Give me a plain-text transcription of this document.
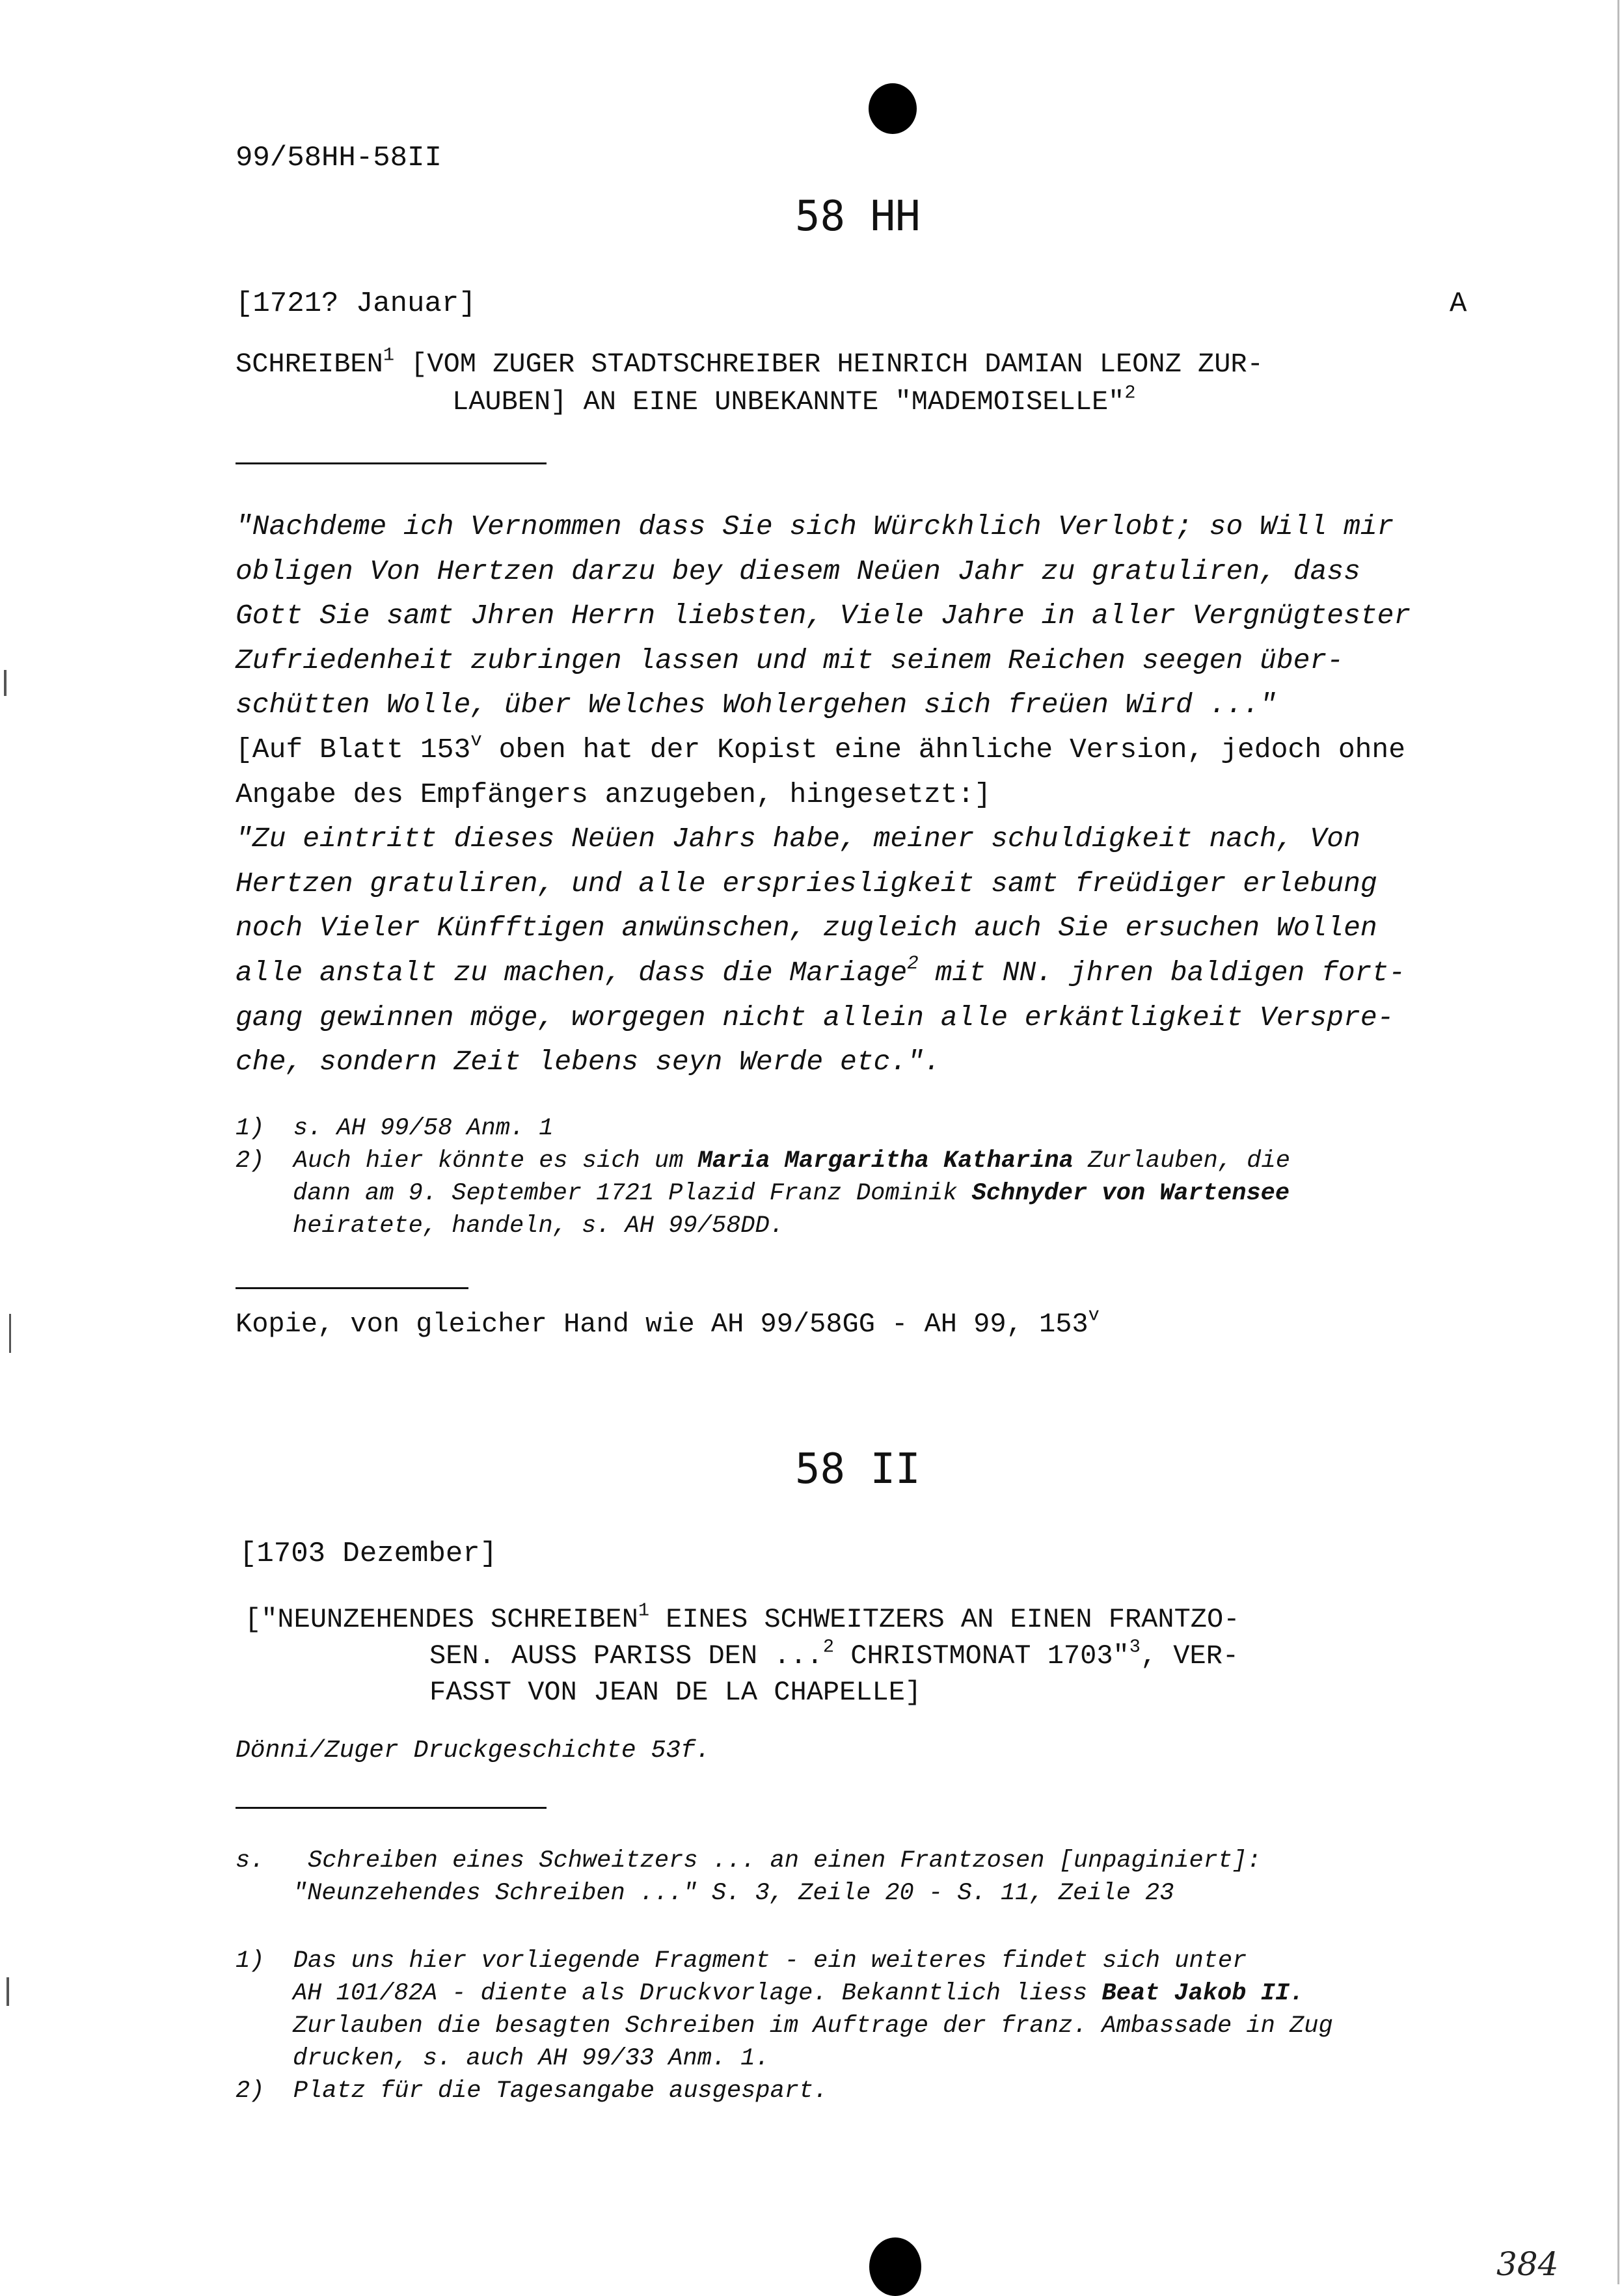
99/58HH-58II
58 HH
[1721? Januar]	A
SCHREIBEN$^1$ [VOM ZUGER STADTSCHREIBER HEINRICH DAMIAN LEONZ ZUR-
LAUBEN] AN EINE UNBEKANNTE "MADEMOISELLE"$^2$
"Nachdeme ich Vernommen dass Sie sich Würckhlich Verlobt; so Will mir
obligen Von Hertzen darzu bey diesem Neüen Jahr zu gratuliren, dass
Gott Sie samt Jhren Herrn liebsten, Viele Jahre in aller Vergnügtester
Zufriedenheit zubringen lassen und mit seinem Reichen seegen über-
schütten Wolle, über Welches Wohlergehen sich freüen Wird ..."
[Auf Blatt 153$^v$ oben hat der Kopist eine ähnliche Version, jedoch ohne
Angabe des Empfängers anzugeben, hingesetzt:]
"Zu eintritt dieses Neüen Jahrs habe, meiner schuldigkeit nach, Von
Hertzen gratuliren, und alle erspriesligkeit samt freüdiger erlebung
noch Vieler Künfftigen anwünschen, zugleich auch Sie ersuchen Wollen
alle anstalt zu machen, dass die Mariage$^2$ mit NN. jhren baldigen fort-
gang gewinnen möge, worgegen nicht allein alle erkäntligkeit Verspre-
che, sondern Zeit lebens seyn Werde etc.".
1) s. AH 99/58 Anm. 1
2) Auch hier könnte es sich um Maria Margaritha Katharina Zurlauben, die
dann am 9. September 1721 Plazid Franz Dominik Schnyder von Wartensee
heiratete, handeln, s. AH 99/58DD.
Kopie, von gleicher Hand wie AH 99/58GG - AH 99, 153$^v$
58 II
[1703 Dezember]
["NEUNZEHENDES SCHREIBEN$^1$ EINES SCHWEITZERS AN EINEN FRANTZO-
SEN. AUSS PARISS DEN ...$^2$ CHRISTMONAT 1703"$^3$, VER-
FASST VON JEAN DE LA CHAPELLE]
Dönni/Zuger Druckgeschichte 53f.
s. Schreiben eines Schweitzers ... an einen Frantzosen [unpaginiert]:
"Neunzehendes Schreiben ..." S. 3, Zeile 20 - S. 11, Zeile 23
1) Das uns hier vorliegende Fragment - ein weiteres findet sich unter
AH 101/82A - diente als Druckvorlage. Bekanntlich liess Beat Jakob II.
Zurlauben die besagten Schreiben im Auftrage der franz. Ambassade in Zug
drucken, s. auch AH 99/33 Anm. 1.
2) Platz für die Tagesangabe ausgespart.
384
